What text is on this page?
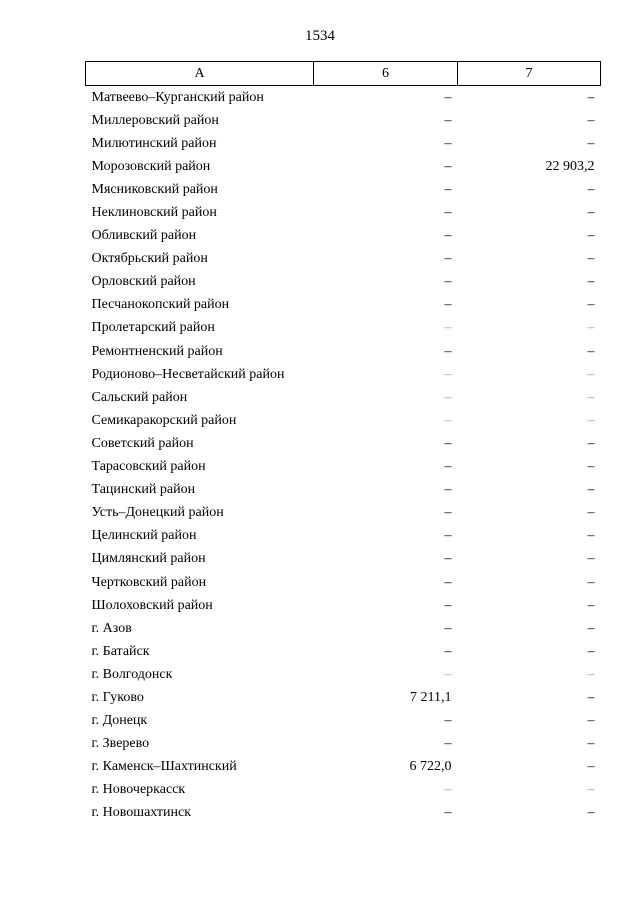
1534
А	6	7
Матвеево–Курганский район	–	–
Миллеровский район	–	–
Милютинский район	–	–
Морозовский район	–	22 903,2
Мясниковский район	–	–
Неклиновский район	–	–
Обливский район	–	–
Октябрьский район	–	–
Орловский район	–	–
Песчанокопский район	–	–
Пролетарский район	–	–
Ремонтненский район	–	–
Родионово–Несветайский район	–	–
Сальский район	–	–
Семикаракорский район	–	–
Советский район	–	–
Тарасовский район	–	–
Тацинский район	–	–
Усть–Донецкий район	–	–
Целинский район	–	–
Цимлянский район	–	–
Чертковский район	–	–
Шолоховский район	–	–
г. Азов	–	–
г. Батайск	–	–
г. Волгодонск	–	–
г. Гуково	7 211,1	–
г. Донецк	–	–
г. Зверево	–	–
г. Каменск–Шахтинский	6 722,0	–
г. Новочеркасск	–	–
г. Новошахтинск	–	–
